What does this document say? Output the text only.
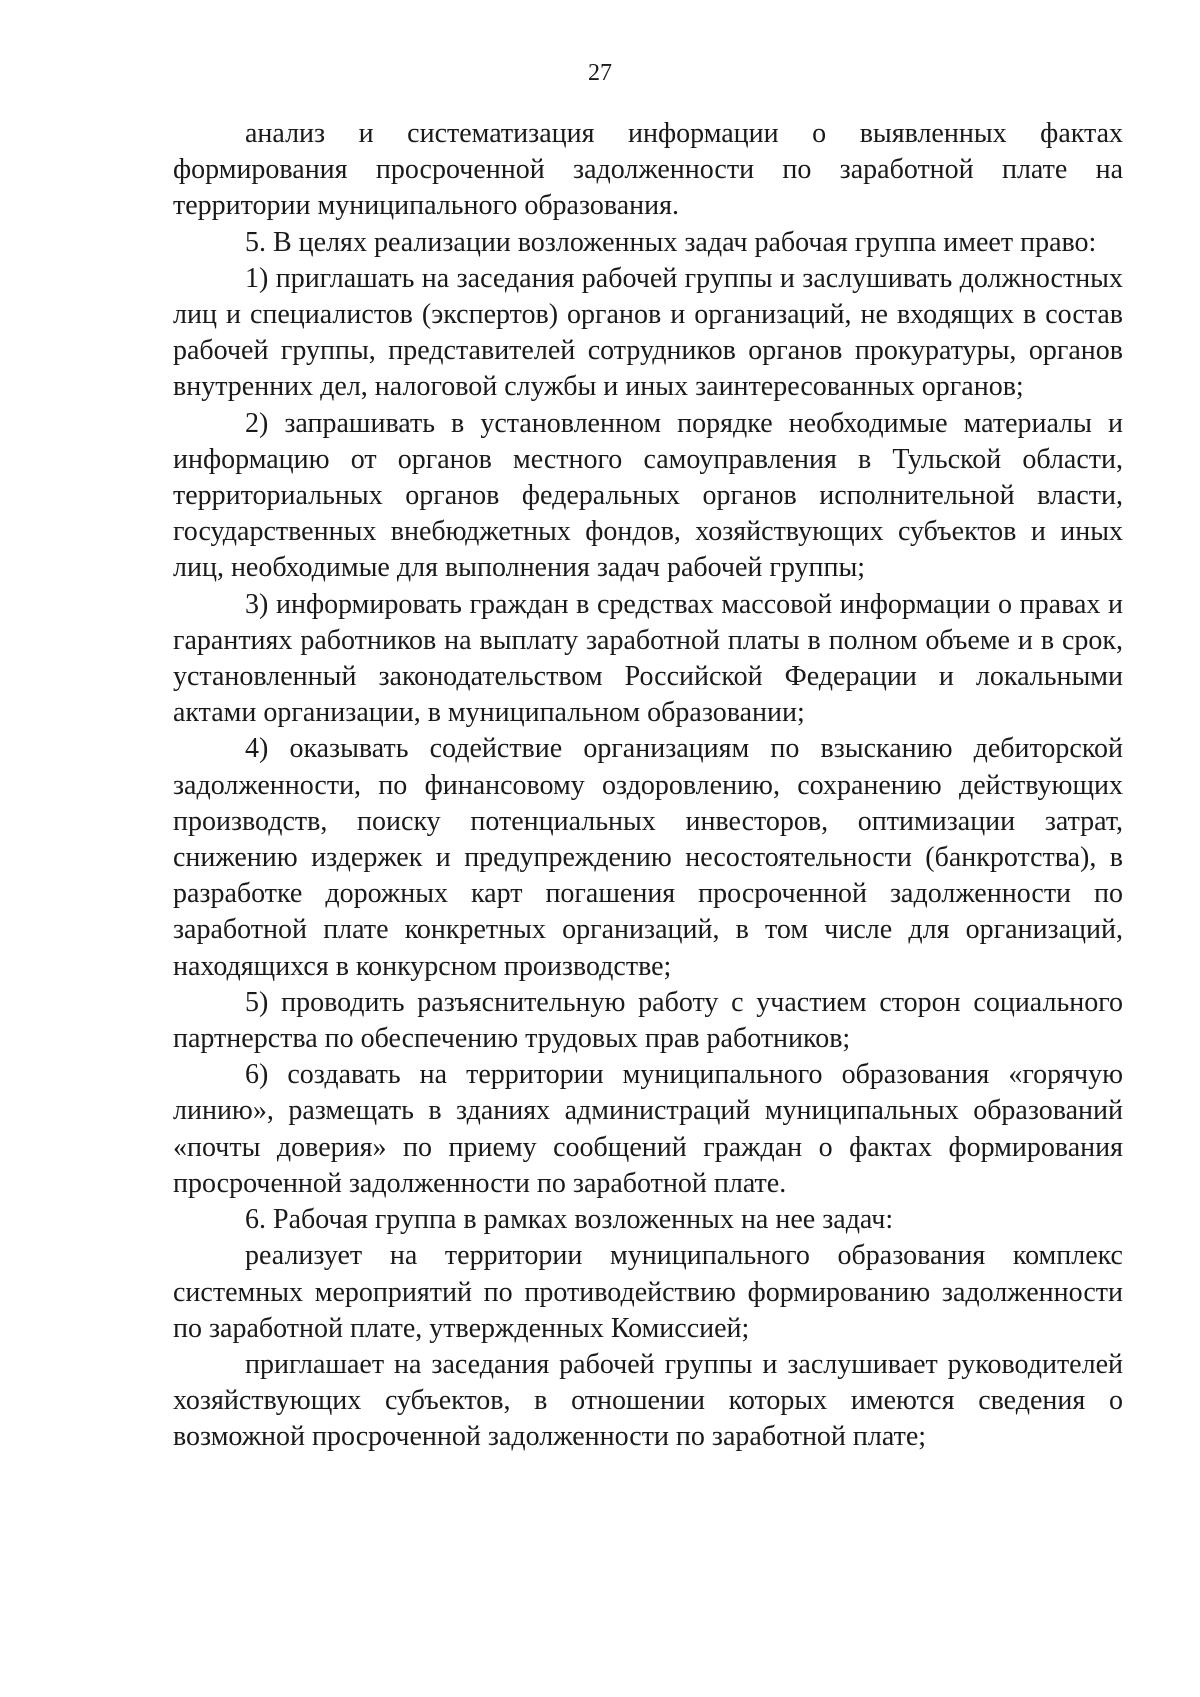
27

анализ и систематизация информации о выявленных фактах формирования просроченной задолженности по заработной плате на территории муниципального образования.

5. В целях реализации возложенных задач рабочая группа имеет право:

1) приглашать на заседания рабочей группы и заслушивать должностных лиц и специалистов (экспертов) органов и организаций, не входящих в состав рабочей группы, представителей сотрудников органов прокуратуры, органов внутренних дел, налоговой службы и иных заинтересованных органов;

2) запрашивать в установленном порядке необходимые материалы и информацию от органов местного самоуправления в Тульской области, территориальных органов федеральных органов исполнительной власти, государственных внебюджетных фондов, хозяйствующих субъектов и иных лиц, необходимые для выполнения задач рабочей группы;

3) информировать граждан в средствах массовой информации о правах и гарантиях работников на выплату заработной платы в полном объеме и в срок, установленный законодательством Российской Федерации и локальными актами организации, в муниципальном образовании;

4) оказывать содействие организациям по взысканию дебиторской задолженности, по финансовому оздоровлению, сохранению действующих производств, поиску потенциальных инвесторов, оптимизации затрат, снижению издержек и предупреждению несостоятельности (банкротства), в разработке дорожных карт погашения просроченной задолженности по заработной плате конкретных организаций, в том числе для организаций, находящихся в конкурсном производстве;

5) проводить разъяснительную работу с участием сторон социального партнерства по обеспечению трудовых прав работников;

6) создавать на территории муниципального образования «горячую линию», размещать в зданиях администраций муниципальных образований «почты доверия» по приему сообщений граждан о фактах формирования просроченной задолженности по заработной плате.

6. Рабочая группа в рамках возложенных на нее задач:

реализует на территории муниципального образования комплекс системных мероприятий по противодействию формированию задолженности по заработной плате, утвержденных Комиссией;

приглашает на заседания рабочей группы и заслушивает руководителей хозяйствующих субъектов, в отношении которых имеются сведения о возможной просроченной задолженности по заработной плате;
